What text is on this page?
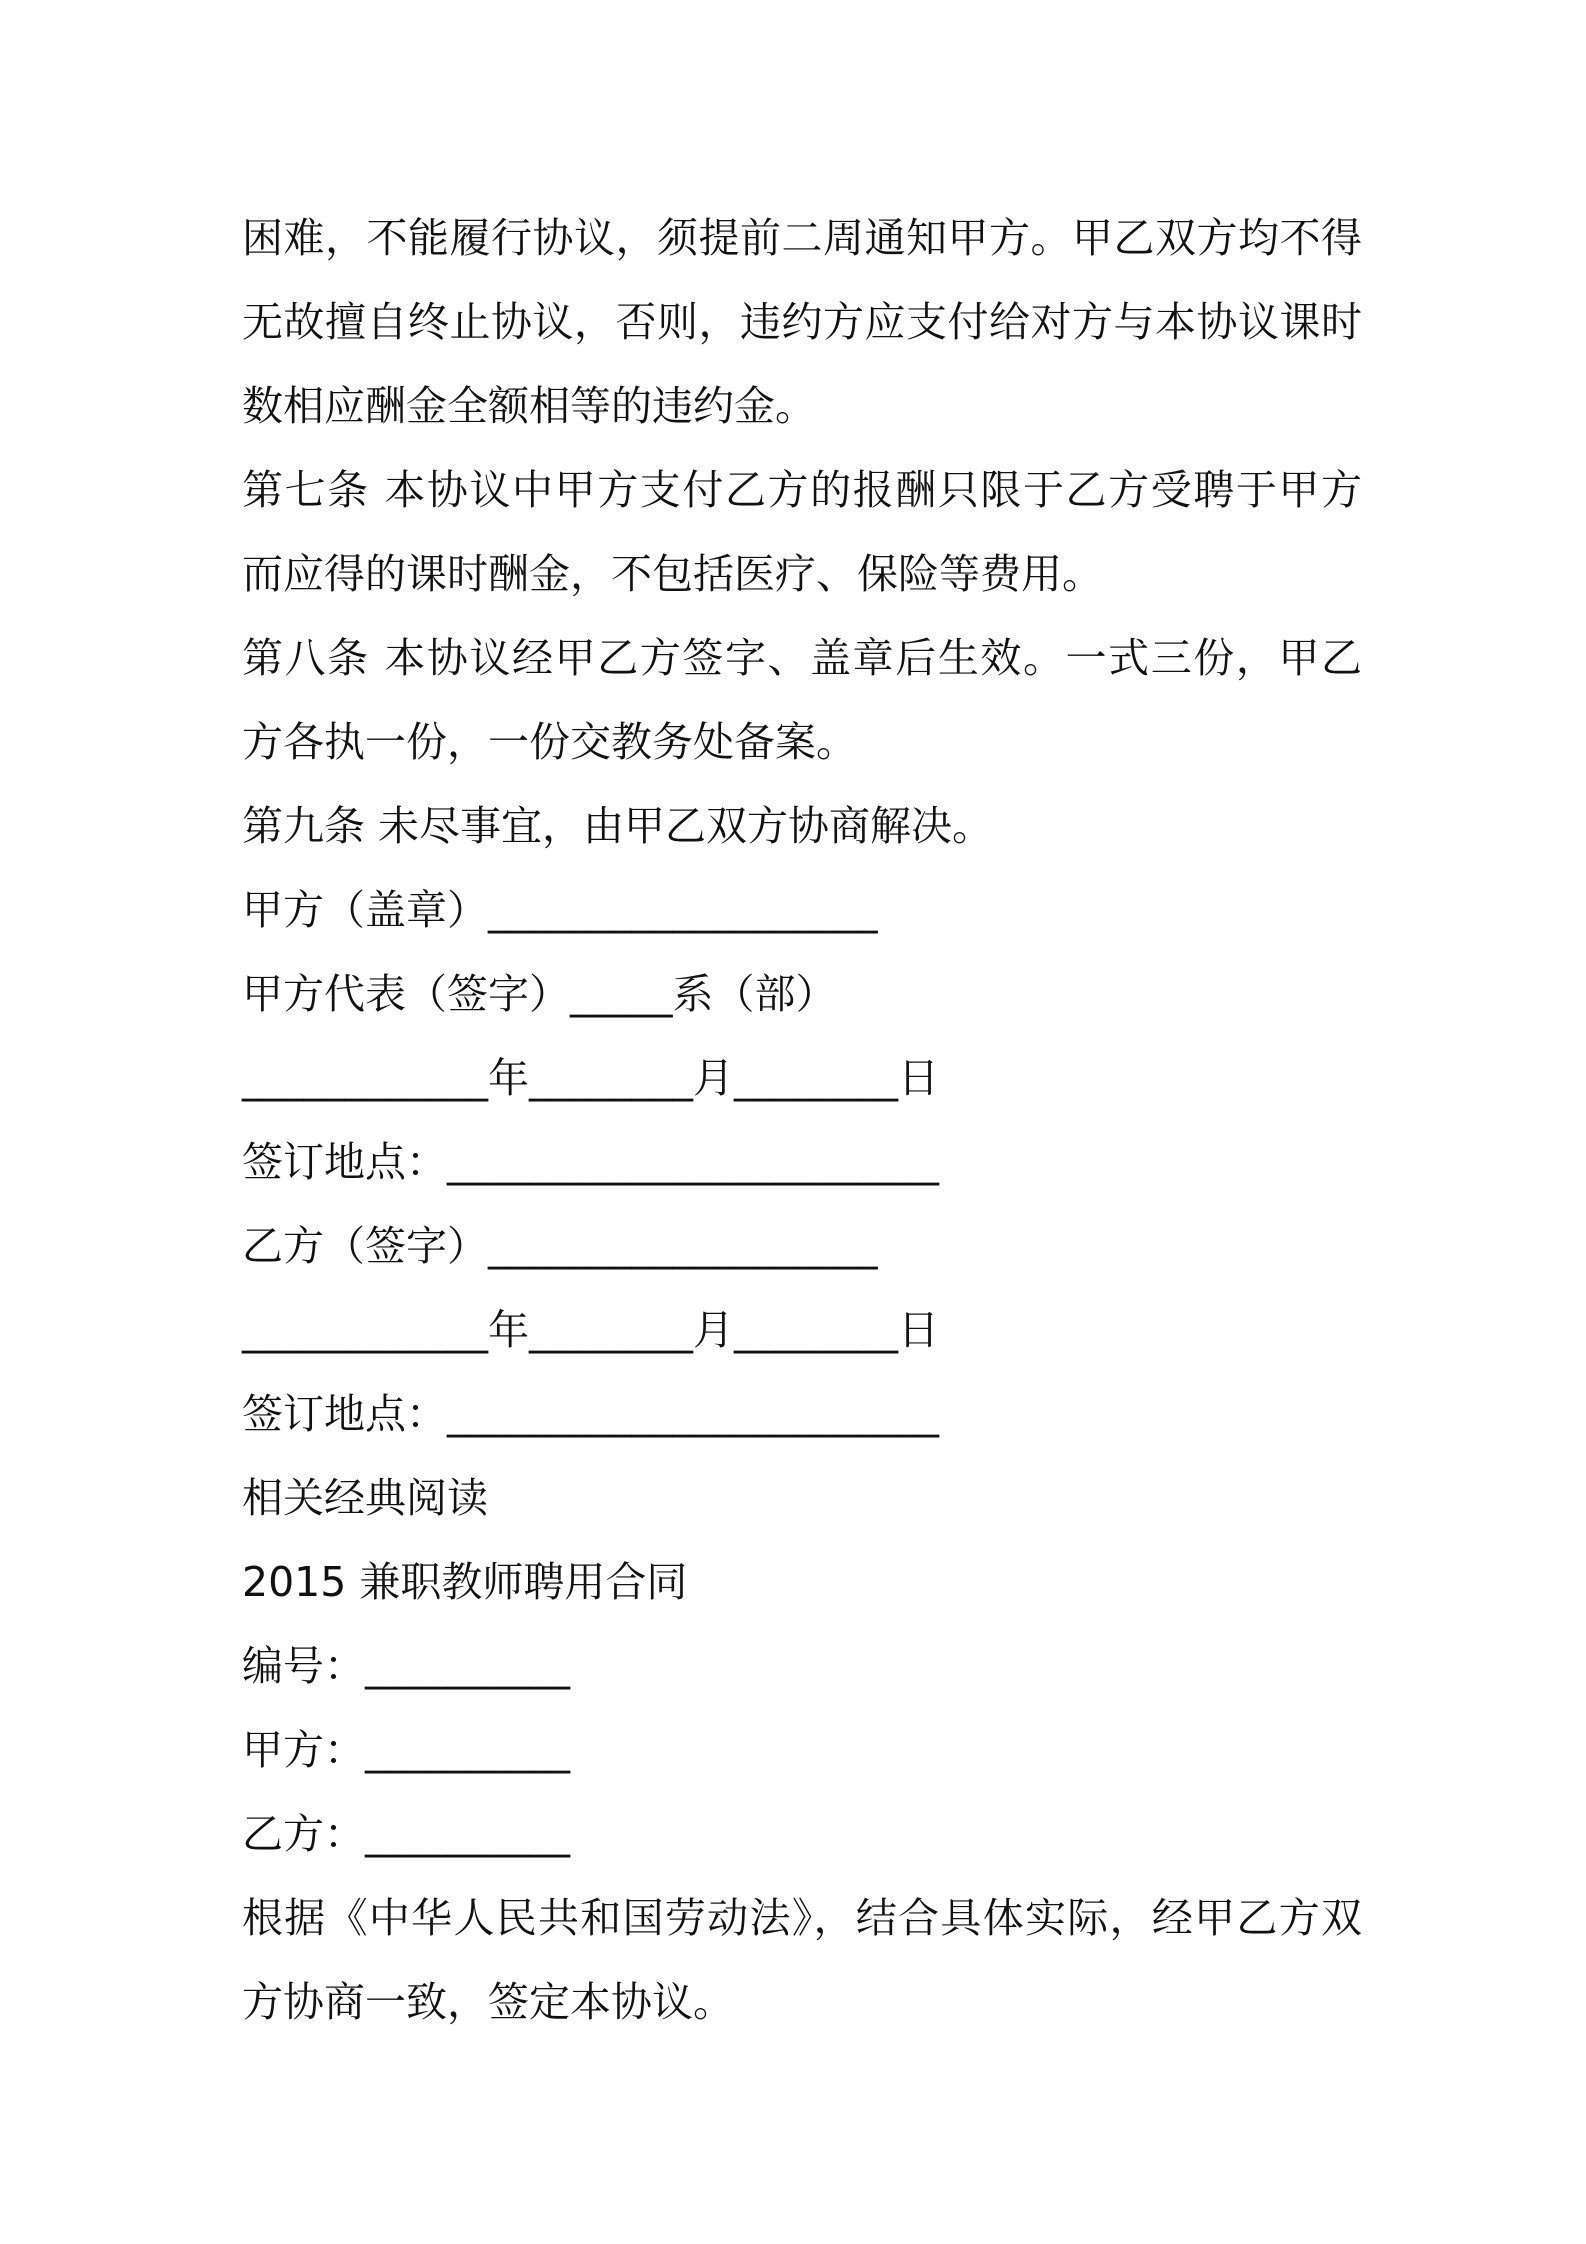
困难，不能履行协议，须提前二周通知甲方。甲乙双方均不得无故擅自终止协议，否则，违约方应支付给对方与本协议课时数相应酬金全额相等的违约金。

第七条 本协议中甲方支付乙方的报酬只限于乙方受聘于甲方而应得的课时酬金，不包括医疗、保险等费用。

第八条 本协议经甲乙方签字、盖章后生效。一式三份，甲乙方各执一份，一份交教务处备案。

第九条 未尽事宜，由甲乙双方协商解决。

甲方（盖章）___________________

甲方代表（签字）_____系（部）

____________年________月________日

签订地点：________________________

乙方（签字）___________________

____________年________月________日

签订地点：________________________

相关经典阅读

2015 兼职教师聘用合同

编号：__________

甲方：__________

乙方：__________

根据《中华人民共和国劳动法》，结合具体实际，经甲乙方双方协商一致，签定本协议。
